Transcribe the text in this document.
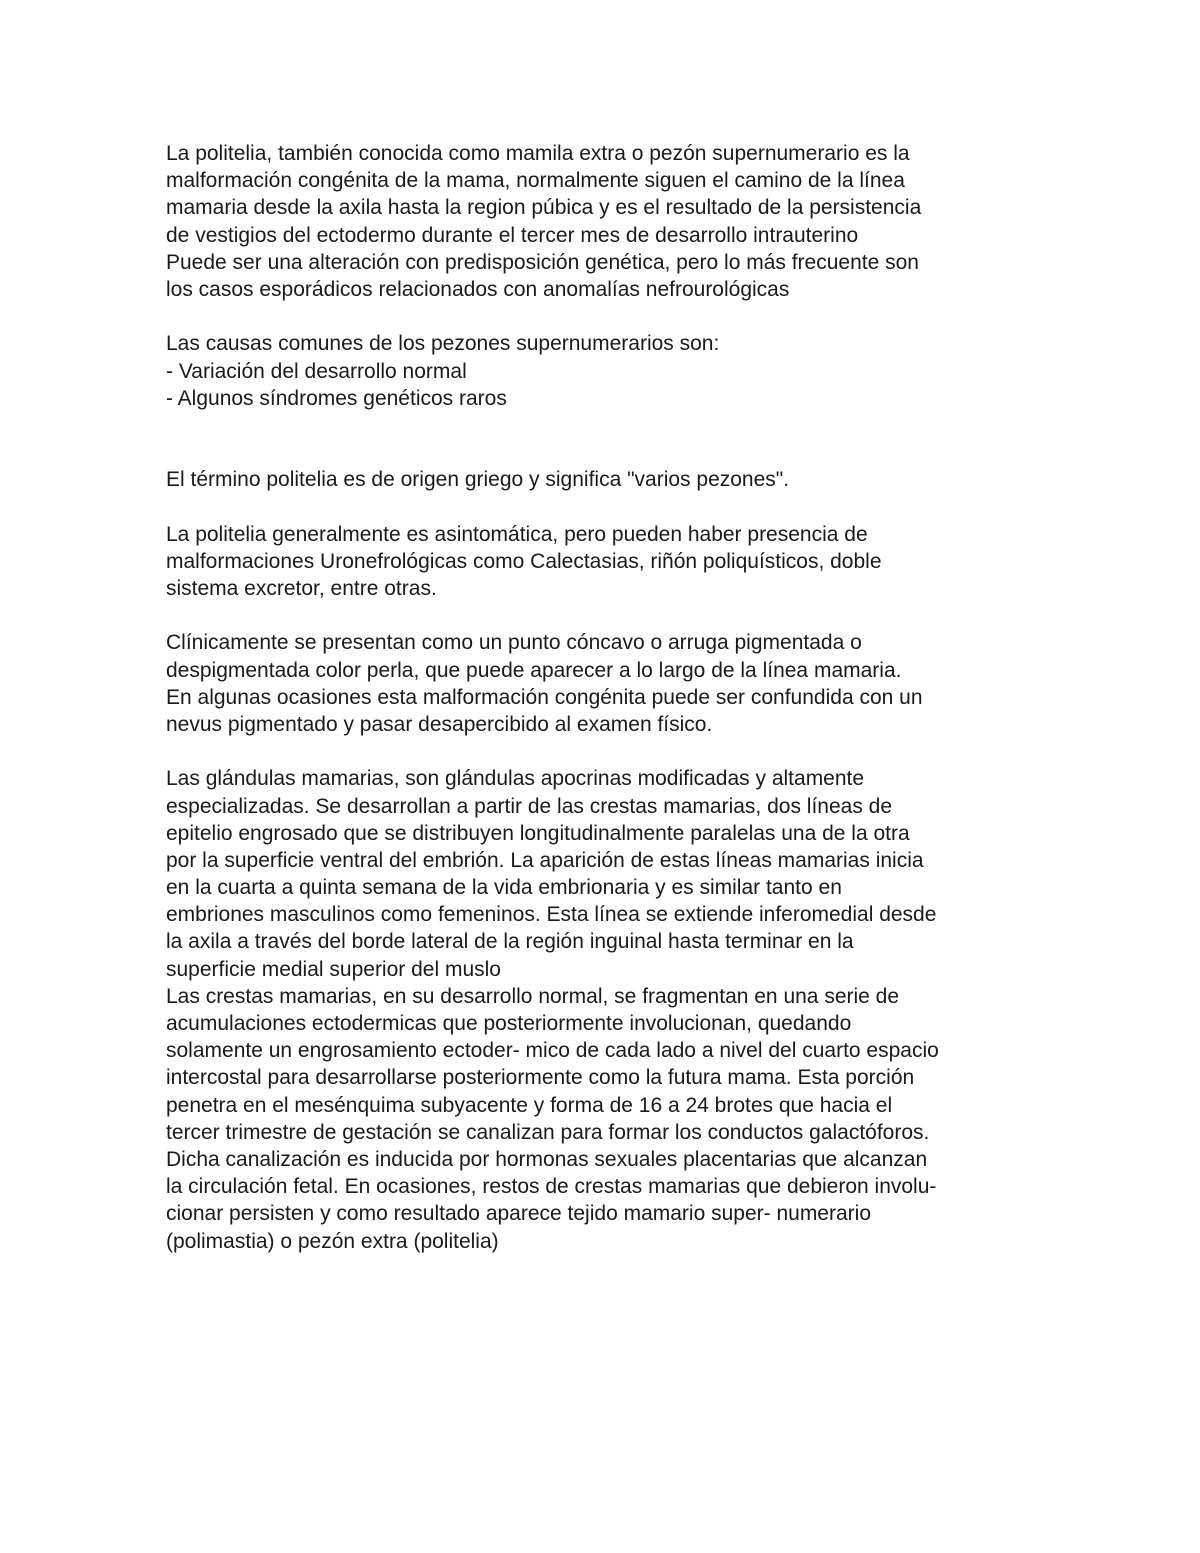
La politelia, también conocida como mamila extra o pezón supernumerario es la
malformación congénita de la mama, normalmente siguen el camino de la línea
mamaria desde la axila hasta la region púbica y es el resultado de la persistencia
de vestigios del ectodermo durante el tercer mes de desarrollo intrauterino
Puede ser una alteración con predisposición genética, pero lo más frecuente son
los casos esporádicos relacionados con anomalías nefrourológicas
Las causas comunes de los pezones supernumerarios son:
- Variación del desarrollo normal
- Algunos síndromes genéticos raros
El término politelia es de origen griego y significa "varios pezones".
La politelia generalmente es asintomática, pero pueden haber presencia de
malformaciones Uronefrológicas como Calectasias, riñón poliquísticos, doble
sistema excretor, entre otras.
Clínicamente se presentan como un punto cóncavo o arruga pigmentada o
despigmentada color perla, que puede aparecer a lo largo de la línea mamaria.
En algunas ocasiones esta malformación congénita puede ser confundida con un
nevus pigmentado y pasar desapercibido al examen físico.
Las glándulas mamarias, son glándulas apocrinas modificadas y altamente
especializadas. Se desarrollan a partir de las crestas mamarias, dos líneas de
epitelio engrosado que se distribuyen longitudinalmente paralelas una de la otra
por la superficie ventral del embrión. La aparición de estas líneas mamarias inicia
en la cuarta a quinta semana de la vida embrionaria y es similar tanto en
embriones masculinos como femeninos. Esta línea se extiende inferomedial desde
la axila a través del borde lateral de la región inguinal hasta terminar en la
superficie medial superior del muslo
Las crestas mamarias, en su desarrollo normal, se fragmentan en una serie de
acumulaciones ectodermicas que posteriormente involucionan, quedando
solamente un engrosamiento ectoder- mico de cada lado a nivel del cuarto espacio
intercostal para desarrollarse posteriormente como la futura mama. Esta porción
penetra en el mesénquima subyacente y forma de 16 a 24 brotes que hacia el
tercer trimestre de gestación se canalizan para formar los conductos galactóforos.
Dicha canalización es inducida por hormonas sexuales placentarias que alcanzan
la circulación fetal. En ocasiones, restos de crestas mamarias que debieron involu-
cionar persisten y como resultado aparece tejido mamario super- numerario
(polimastia) o pezón extra (politelia)
